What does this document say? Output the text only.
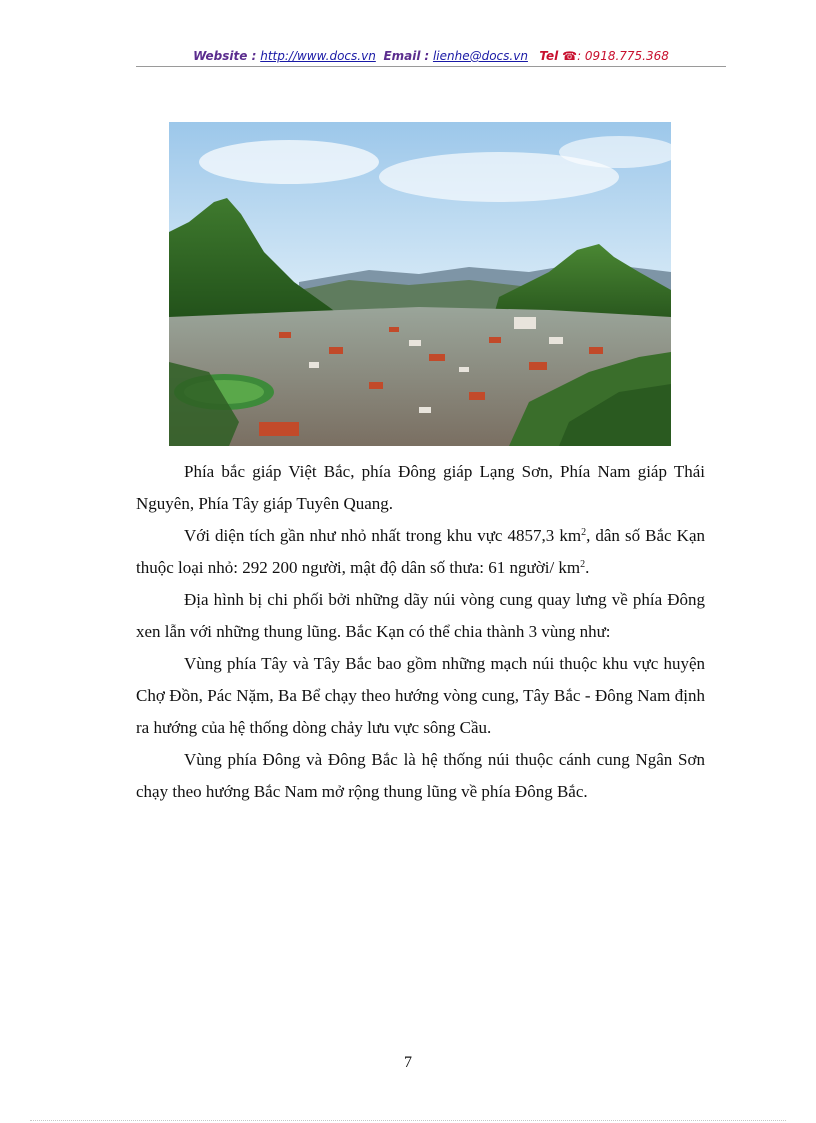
Website : http://www.docs.vn Email : lienhe@docs.vn Tel ☎: 0918.775.368

Phía bắc giáp Việt Bắc, phía Đông giáp Lạng Sơn, Phía Nam giáp Thái Nguyên, Phía Tây giáp Tuyên Quang.

Với diện tích gần như nhỏ nhất trong khu vực 4857,3 $km^2$, dân số Bắc Kạn thuộc loại nhỏ: 292 200 người, mật độ dân số thưa: 61 người/ $km^2$.

Địa hình bị chi phối bởi những dãy núi vòng cung quay lưng về phía Đông xen lẫn với những thung lũng. Bắc Kạn có thể chia thành 3 vùng như:

Vùng phía Tây và Tây Bắc bao gồm những mạch núi thuộc khu vực huyện Chợ Đồn, Pác Nặm, Ba Bể chạy theo hướng vòng cung, Tây Bắc - Đông Nam định ra hướng của hệ thống dòng chảy lưu vực sông Cầu.

Vùng phía Đông và Đông Bắc là hệ thống núi thuộc cánh cung Ngân Sơn chạy theo hướng Bắc Nam mở rộng thung lũng về phía Đông Bắc.

7
